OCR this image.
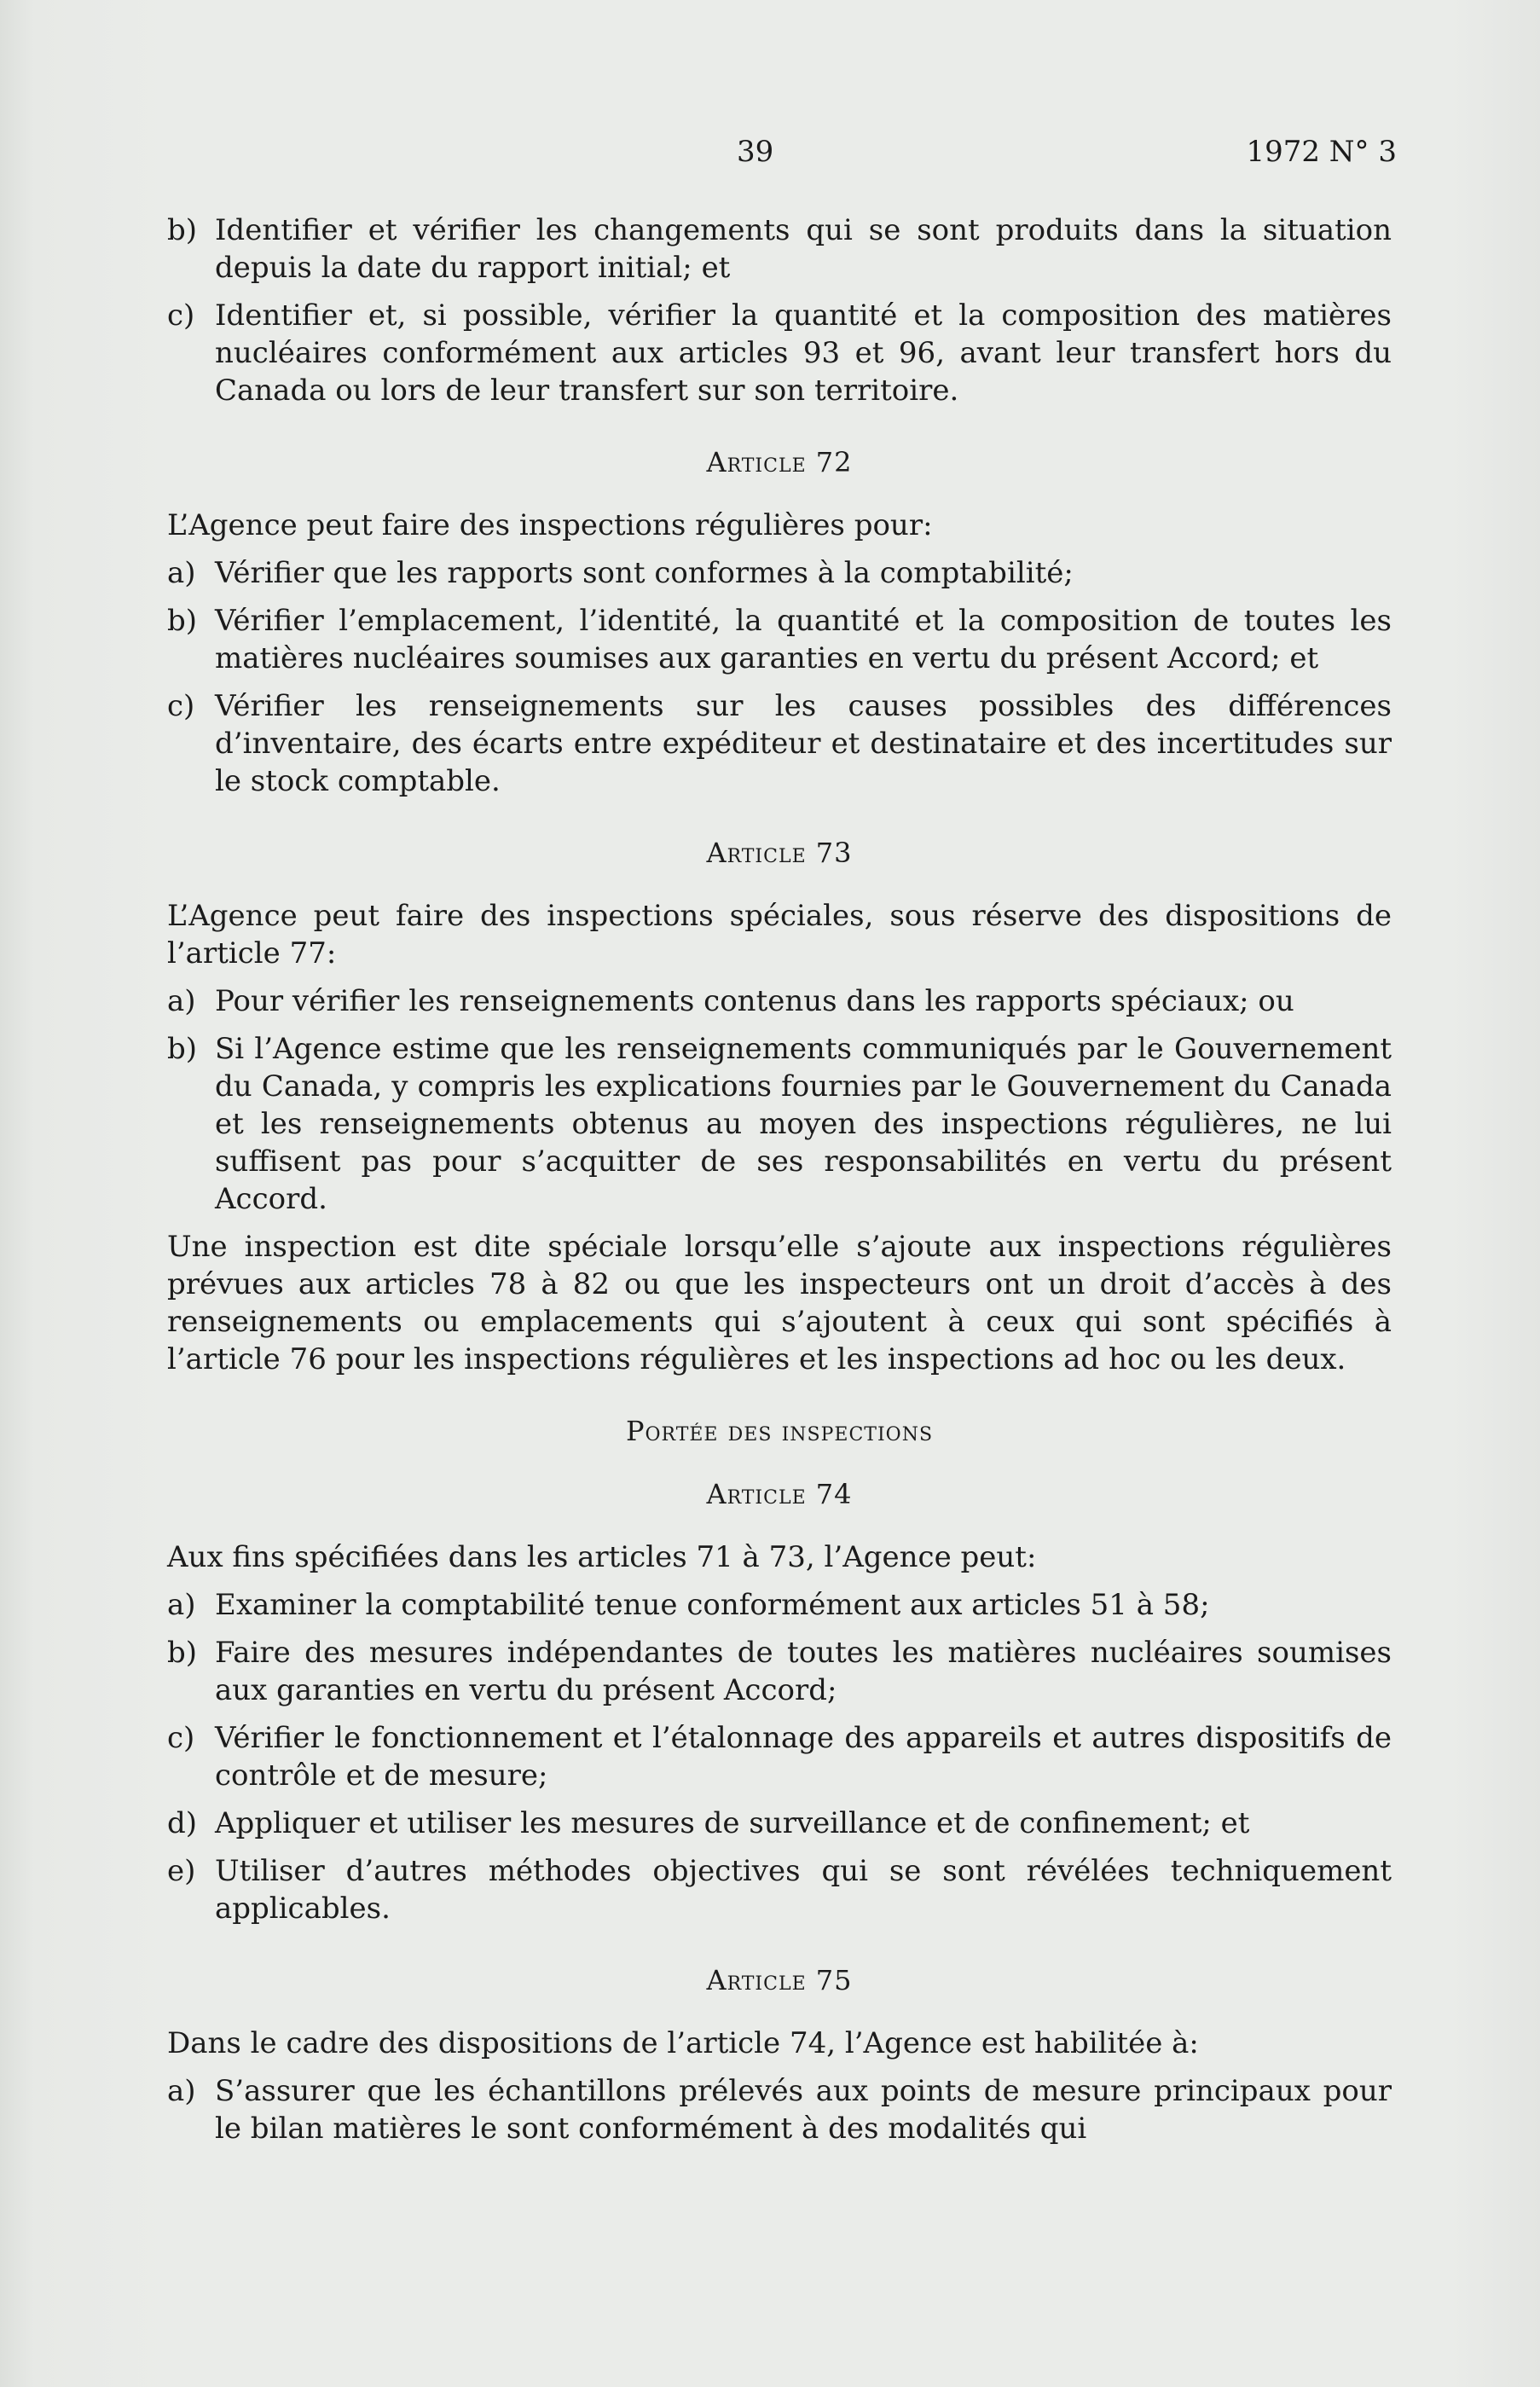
39	1972 N° 3
b) Identifier et vérifier les changements qui se sont produits dans la situation depuis la date du rapport initial; et
c) Identifier et, si possible, vérifier la quantité et la composition des matières nucléaires conformément aux articles 93 et 96, avant leur transfert hors du Canada ou lors de leur transfert sur son territoire.
Article 72

L’Agence peut faire des inspections régulières pour:

a) Vérifier que les rapports sont conformes à la comptabilité;
b) Vérifier l’emplacement, l’identité, la quantité et la composition de toutes les matières nucléaires soumises aux garanties en vertu du présent Accord; et
c) Vérifier les renseignements sur les causes possibles des différences d’inventaire, des écarts entre expéditeur et destinataire et des incertitudes sur le stock comptable.
Article 73

L’Agence peut faire des inspections spéciales, sous réserve des dispositions de l’article 77:

a) Pour vérifier les renseignements contenus dans les rapports spéciaux; ou
b) Si l’Agence estime que les renseignements communiqués par le Gouvernement du Canada, y compris les explications fournies par le Gouvernement du Canada et les renseignements obtenus au moyen des inspections régulières, ne lui suffisent pas pour s’acquitter de ses responsabilités en vertu du présent Accord.

Une inspection est dite spéciale lorsqu’elle s’ajoute aux inspections régulières prévues aux articles 78 à 82 ou que les inspecteurs ont un droit d’accès à des renseignements ou emplacements qui s’ajoutent à ceux qui sont spécifiés à l’article 76 pour les inspections régulières et les inspections ad hoc ou les deux.

Portée des inspections
Article 74

Aux fins spécifiées dans les articles 71 à 73, l’Agence peut:

a) Examiner la comptabilité tenue conformément aux articles 51 à 58;
b) Faire des mesures indépendantes de toutes les matières nucléaires soumises aux garanties en vertu du présent Accord;
c) Vérifier le fonctionnement et l’étalonnage des appareils et autres dispositifs de contrôle et de mesure;
d) Appliquer et utiliser les mesures de surveillance et de confinement; et
e) Utiliser d’autres méthodes objectives qui se sont révélées techniquement applicables.
Article 75

Dans le cadre des dispositions de l’article 74, l’Agence est habilitée à:

a) S’assurer que les échantillons prélevés aux points de mesure principaux pour le bilan matières le sont conformément à des modalités qui
